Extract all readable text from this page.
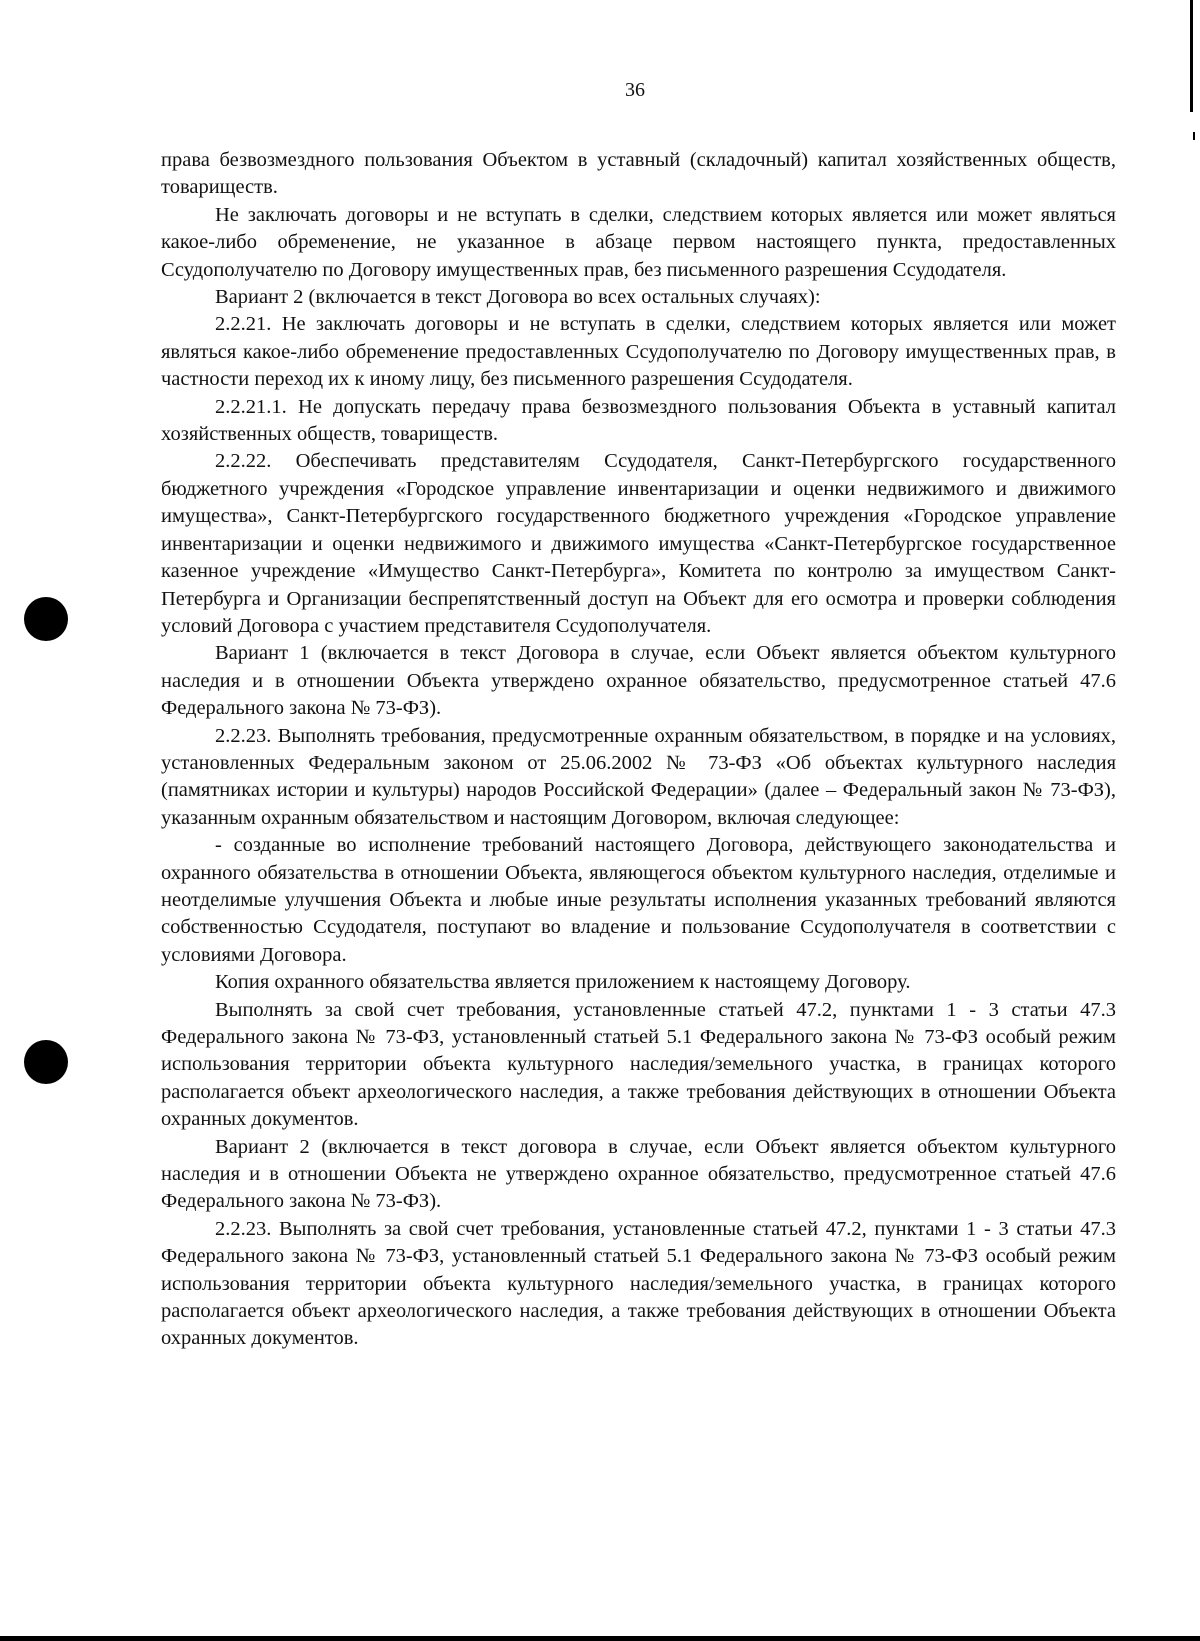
36

права безвозмездного пользования Объектом в уставный (складочный) капитал хозяйственных обществ, товариществ.

Не заключать договоры и не вступать в сделки, следствием которых является или может являться какое-либо обременение, не указанное в абзаце первом настоящего пункта, предоставленных Ссудополучателю по Договору имущественных прав, без письменного разрешения Ссудодателя.

Вариант 2 (включается в текст Договора во всех остальных случаях):

2.2.21. Не заключать договоры и не вступать в сделки, следствием которых является или может являться какое-либо обременение предоставленных Ссудополучателю по Договору имущественных прав, в частности переход их к иному лицу, без письменного разрешения Ссудодателя.

2.2.21.1. Не допускать передачу права безвозмездного пользования Объекта в уставный капитал хозяйственных обществ, товариществ.

2.2.22. Обеспечивать представителям Ссудодателя, Санкт-Петербургского государственного бюджетного учреждения «Городское управление инвентаризации и оценки недвижимого и движимого имущества», Санкт-Петербургского государственного бюджетного учреждения «Городское управление инвентаризации и оценки недвижимого и движимого имущества «Санкт-Петербургское государственное казенное учреждение «Имущество Санкт-Петербурга», Комитета по контролю за имуществом Санкт-Петербурга и Организации беспрепятственный доступ на Объект для его осмотра и проверки соблюдения условий Договора с участием представителя Ссудополучателя.

Вариант 1 (включается в текст Договора в случае, если Объект является объектом культурного наследия и в отношении Объекта утверждено охранное обязательство, предусмотренное статьей 47.6 Федерального закона № 73-ФЗ).

2.2.23. Выполнять требования, предусмотренные охранным обязательством, в порядке и на условиях, установленных Федеральным законом от 25.06.2002 № 73-ФЗ «Об объектах культурного наследия (памятниках истории и культуры) народов Российской Федерации» (далее – Федеральный закон № 73-ФЗ), указанным охранным обязательством и настоящим Договором, включая следующее:

- созданные во исполнение требований настоящего Договора, действующего законодательства и охранного обязательства в отношении Объекта, являющегося объектом культурного наследия, отделимые и неотделимые улучшения Объекта и любые иные результаты исполнения указанных требований являются собственностью Ссудодателя, поступают во владение и пользование Ссудополучателя в соответствии с условиями Договора.

Копия охранного обязательства является приложением к настоящему Договору.

Выполнять за свой счет требования, установленные статьей 47.2, пунктами 1 - 3 статьи 47.3 Федерального закона № 73-ФЗ, установленный статьей 5.1 Федерального закона № 73-ФЗ особый режим использования территории объекта культурного наследия/земельного участка, в границах которого располагается объект археологического наследия, а также требования действующих в отношении Объекта охранных документов.

Вариант 2 (включается в текст договора в случае, если Объект является объектом культурного наследия и в отношении Объекта не утверждено охранное обязательство, предусмотренное статьей 47.6 Федерального закона № 73-ФЗ).

2.2.23. Выполнять за свой счет требования, установленные статьей 47.2, пунктами 1 - 3 статьи 47.3 Федерального закона № 73-ФЗ, установленный статьей 5.1 Федерального закона № 73-ФЗ особый режим использования территории объекта культурного наследия/земельного участка, в границах которого располагается объект археологического наследия, а также требования действующих в отношении Объекта охранных документов.
